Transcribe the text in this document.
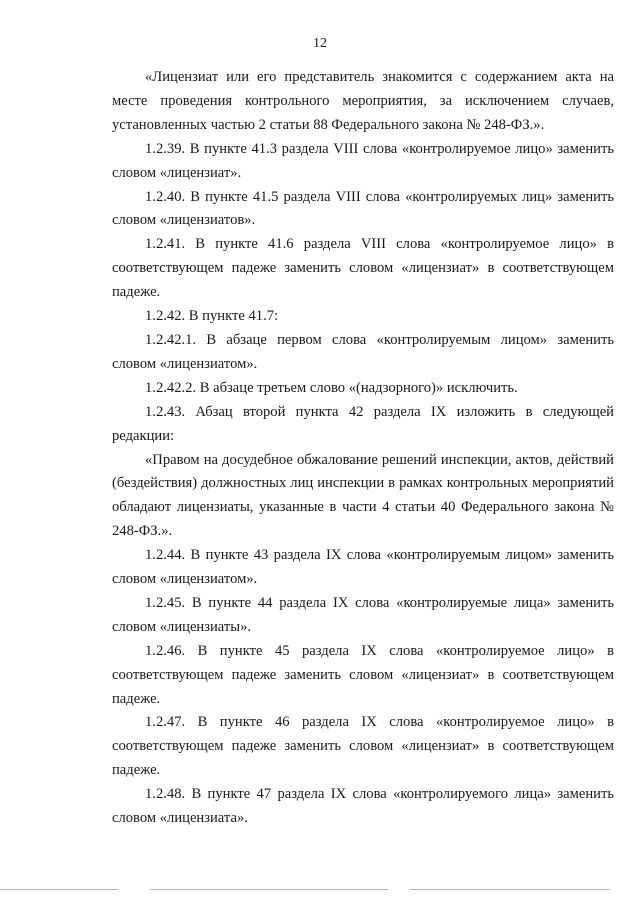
12

«Лицензиат или его представитель знакомится с содержанием акта на месте проведения контрольного мероприятия, за исключением случаев, установленных частью 2 статьи 88 Федерального закона № 248-ФЗ.».

1.2.39. В пункте 41.3 раздела VIII слова «контролируемое лицо» заменить словом «лицензиат».

1.2.40. В пункте 41.5 раздела VIII слова «контролируемых лиц» заменить словом «лицензиатов».

1.2.41. В пункте 41.6 раздела VIII слова «контролируемое лицо» в соответствующем падеже заменить словом «лицензиат» в соответствующем падеже.

1.2.42. В пункте 41.7:

1.2.42.1. В абзаце первом слова «контролируемым лицом» заменить словом «лицензиатом».

1.2.42.2. В абзаце третьем слово «(надзорного)» исключить.

1.2.43. Абзац второй пункта 42 раздела IX изложить в следующей редакции:

«Правом на досудебное обжалование решений инспекции, актов, действий (бездействия) должностных лиц инспекции в рамках контрольных мероприятий обладают лицензиаты, указанные в части 4 статьи 40 Федерального закона № 248-ФЗ.».

1.2.44. В пункте 43 раздела IX слова «контролируемым лицом» заменить словом «лицензиатом».

1.2.45. В пункте 44 раздела IX слова «контролируемые лица» заменить словом «лицензиаты».

1.2.46. В пункте 45 раздела IX слова «контролируемое лицо» в соответствующем падеже заменить словом «лицензиат» в соответствующем падеже.

1.2.47. В пункте 46 раздела IX слова «контролируемое лицо» в соответствующем падеже заменить словом «лицензиат» в соответствующем падеже.

1.2.48. В пункте 47 раздела IX слова «контролируемого лица» заменить словом «лицензиата».
